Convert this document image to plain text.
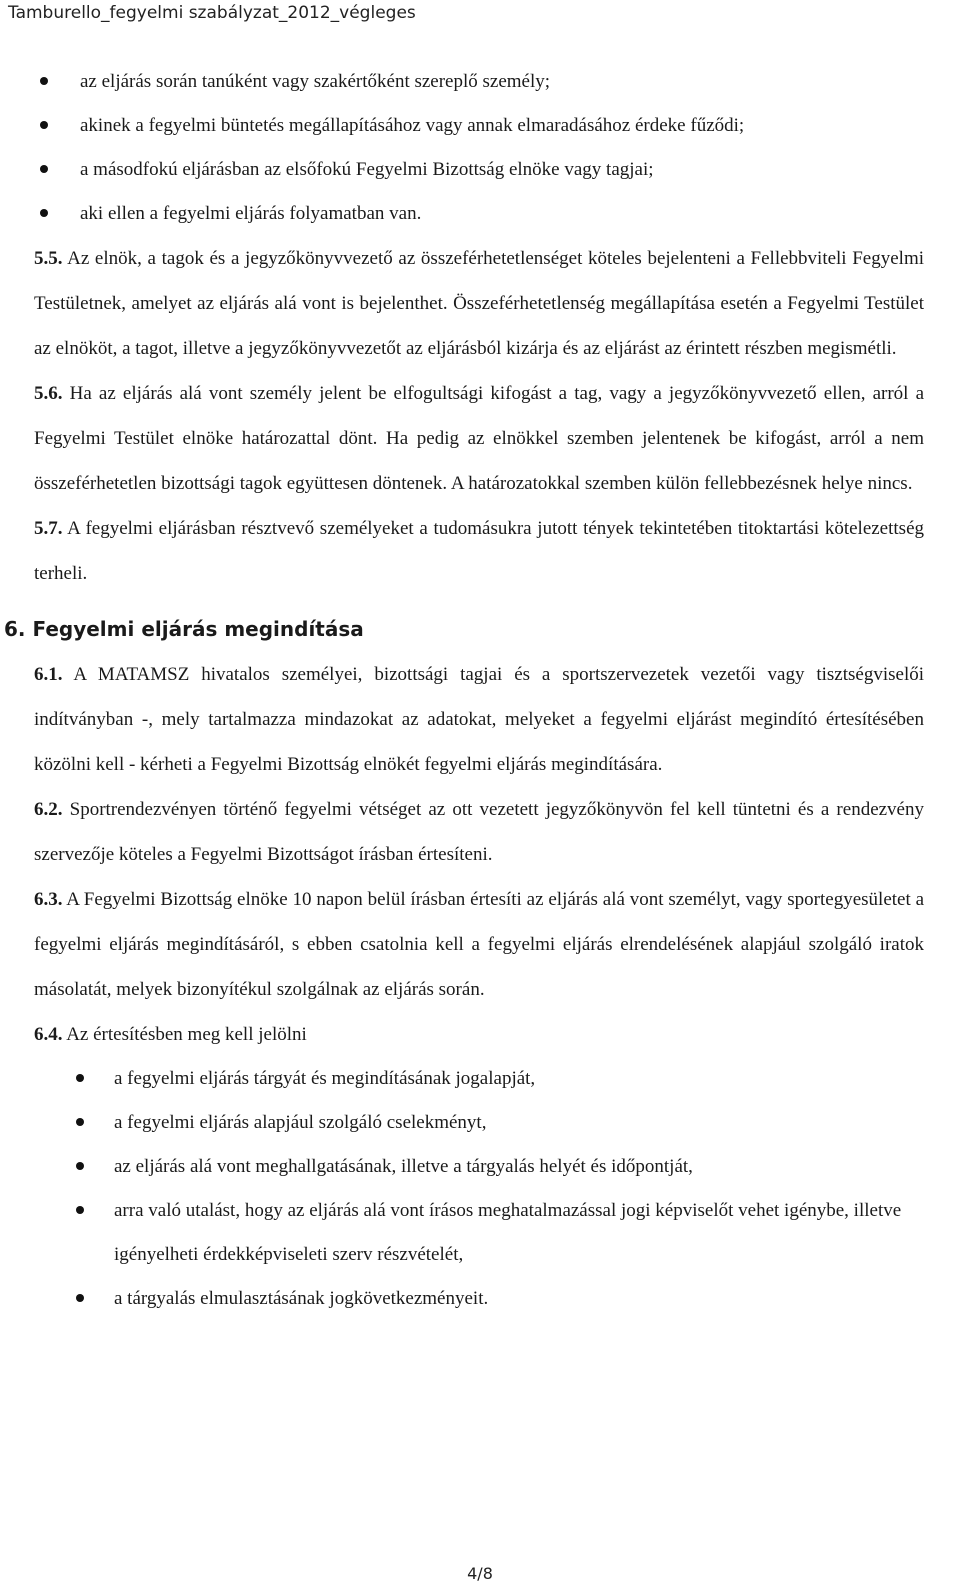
Tamburello_fegyelmi szabályzat_2012_végleges
az eljárás során tanúként vagy szakértőként szereplő személy;
akinek a fegyelmi büntetés megállapításához vagy annak elmaradásához érdeke fűződi;
a másodfokú eljárásban az elsőfokú Fegyelmi Bizottság elnöke vagy tagjai;
aki ellen a fegyelmi eljárás folyamatban van.

5.5. Az elnök, a tagok és a jegyzőkönyvvezető az összeférhetetlenséget köteles bejelenteni a Fellebbviteli Fegyelmi Testületnek, amelyet az eljárás alá vont is bejelenthet. Összeférhetetlenség megállapítása esetén a Fegyelmi Testület az elnököt, a tagot, illetve a jegyzőkönyvvezetőt az eljárásból kizárja és az eljárást az érintett részben megismétli.

5.6. Ha az eljárás alá vont személy jelent be elfogultsági kifogást a tag, vagy a jegyzőkönyvvezető ellen, arról a Fegyelmi Testület elnöke határozattal dönt. Ha pedig az elnökkel szemben jelentenek be kifogást, arról a nem összeférhetetlen bizottsági tagok együttesen döntenek. A határozatokkal szemben külön fellebbezésnek helye nincs.

5.7. A fegyelmi eljárásban résztvevő személyeket a tudomásukra jutott tények tekintetében titoktartási kötelezettség terheli.

6. Fegyelmi eljárás megindítása

6.1. A MATAMSZ hivatalos személyei, bizottsági tagjai és a sportszervezetek vezetői vagy tisztségviselői indítványban -, mely tartalmazza mindazokat az adatokat, melyeket a fegyelmi eljárást megindító értesítésében közölni kell - kérheti a Fegyelmi Bizottság elnökét fegyelmi eljárás megindítására.

6.2. Sportrendezvényen történő fegyelmi vétséget az ott vezetett jegyzőkönyvön fel kell tüntetni és a rendezvény szervezője köteles a Fegyelmi Bizottságot írásban értesíteni.

6.3. A Fegyelmi Bizottság elnöke 10 napon belül írásban értesíti az eljárás alá vont személyt, vagy sportegyesületet a fegyelmi eljárás megindításáról, s ebben csatolnia kell a fegyelmi eljárás elrendelésének alapjául szolgáló iratok másolatát, melyek bizonyítékul szolgálnak az eljárás során.

6.4. Az értesítésben meg kell jelölni

a fegyelmi eljárás tárgyát és megindításának jogalapját,
a fegyelmi eljárás alapjául szolgáló cselekményt,
az eljárás alá vont meghallgatásának, illetve a tárgyalás helyét és időpontját,
arra való utalást, hogy az eljárás alá vont írásos meghatalmazással jogi képviselőt vehet igénybe, illetve igényelheti érdekképviseleti szerv részvételét,
a tárgyalás elmulasztásának jogkövetkezményeit.
4/8
